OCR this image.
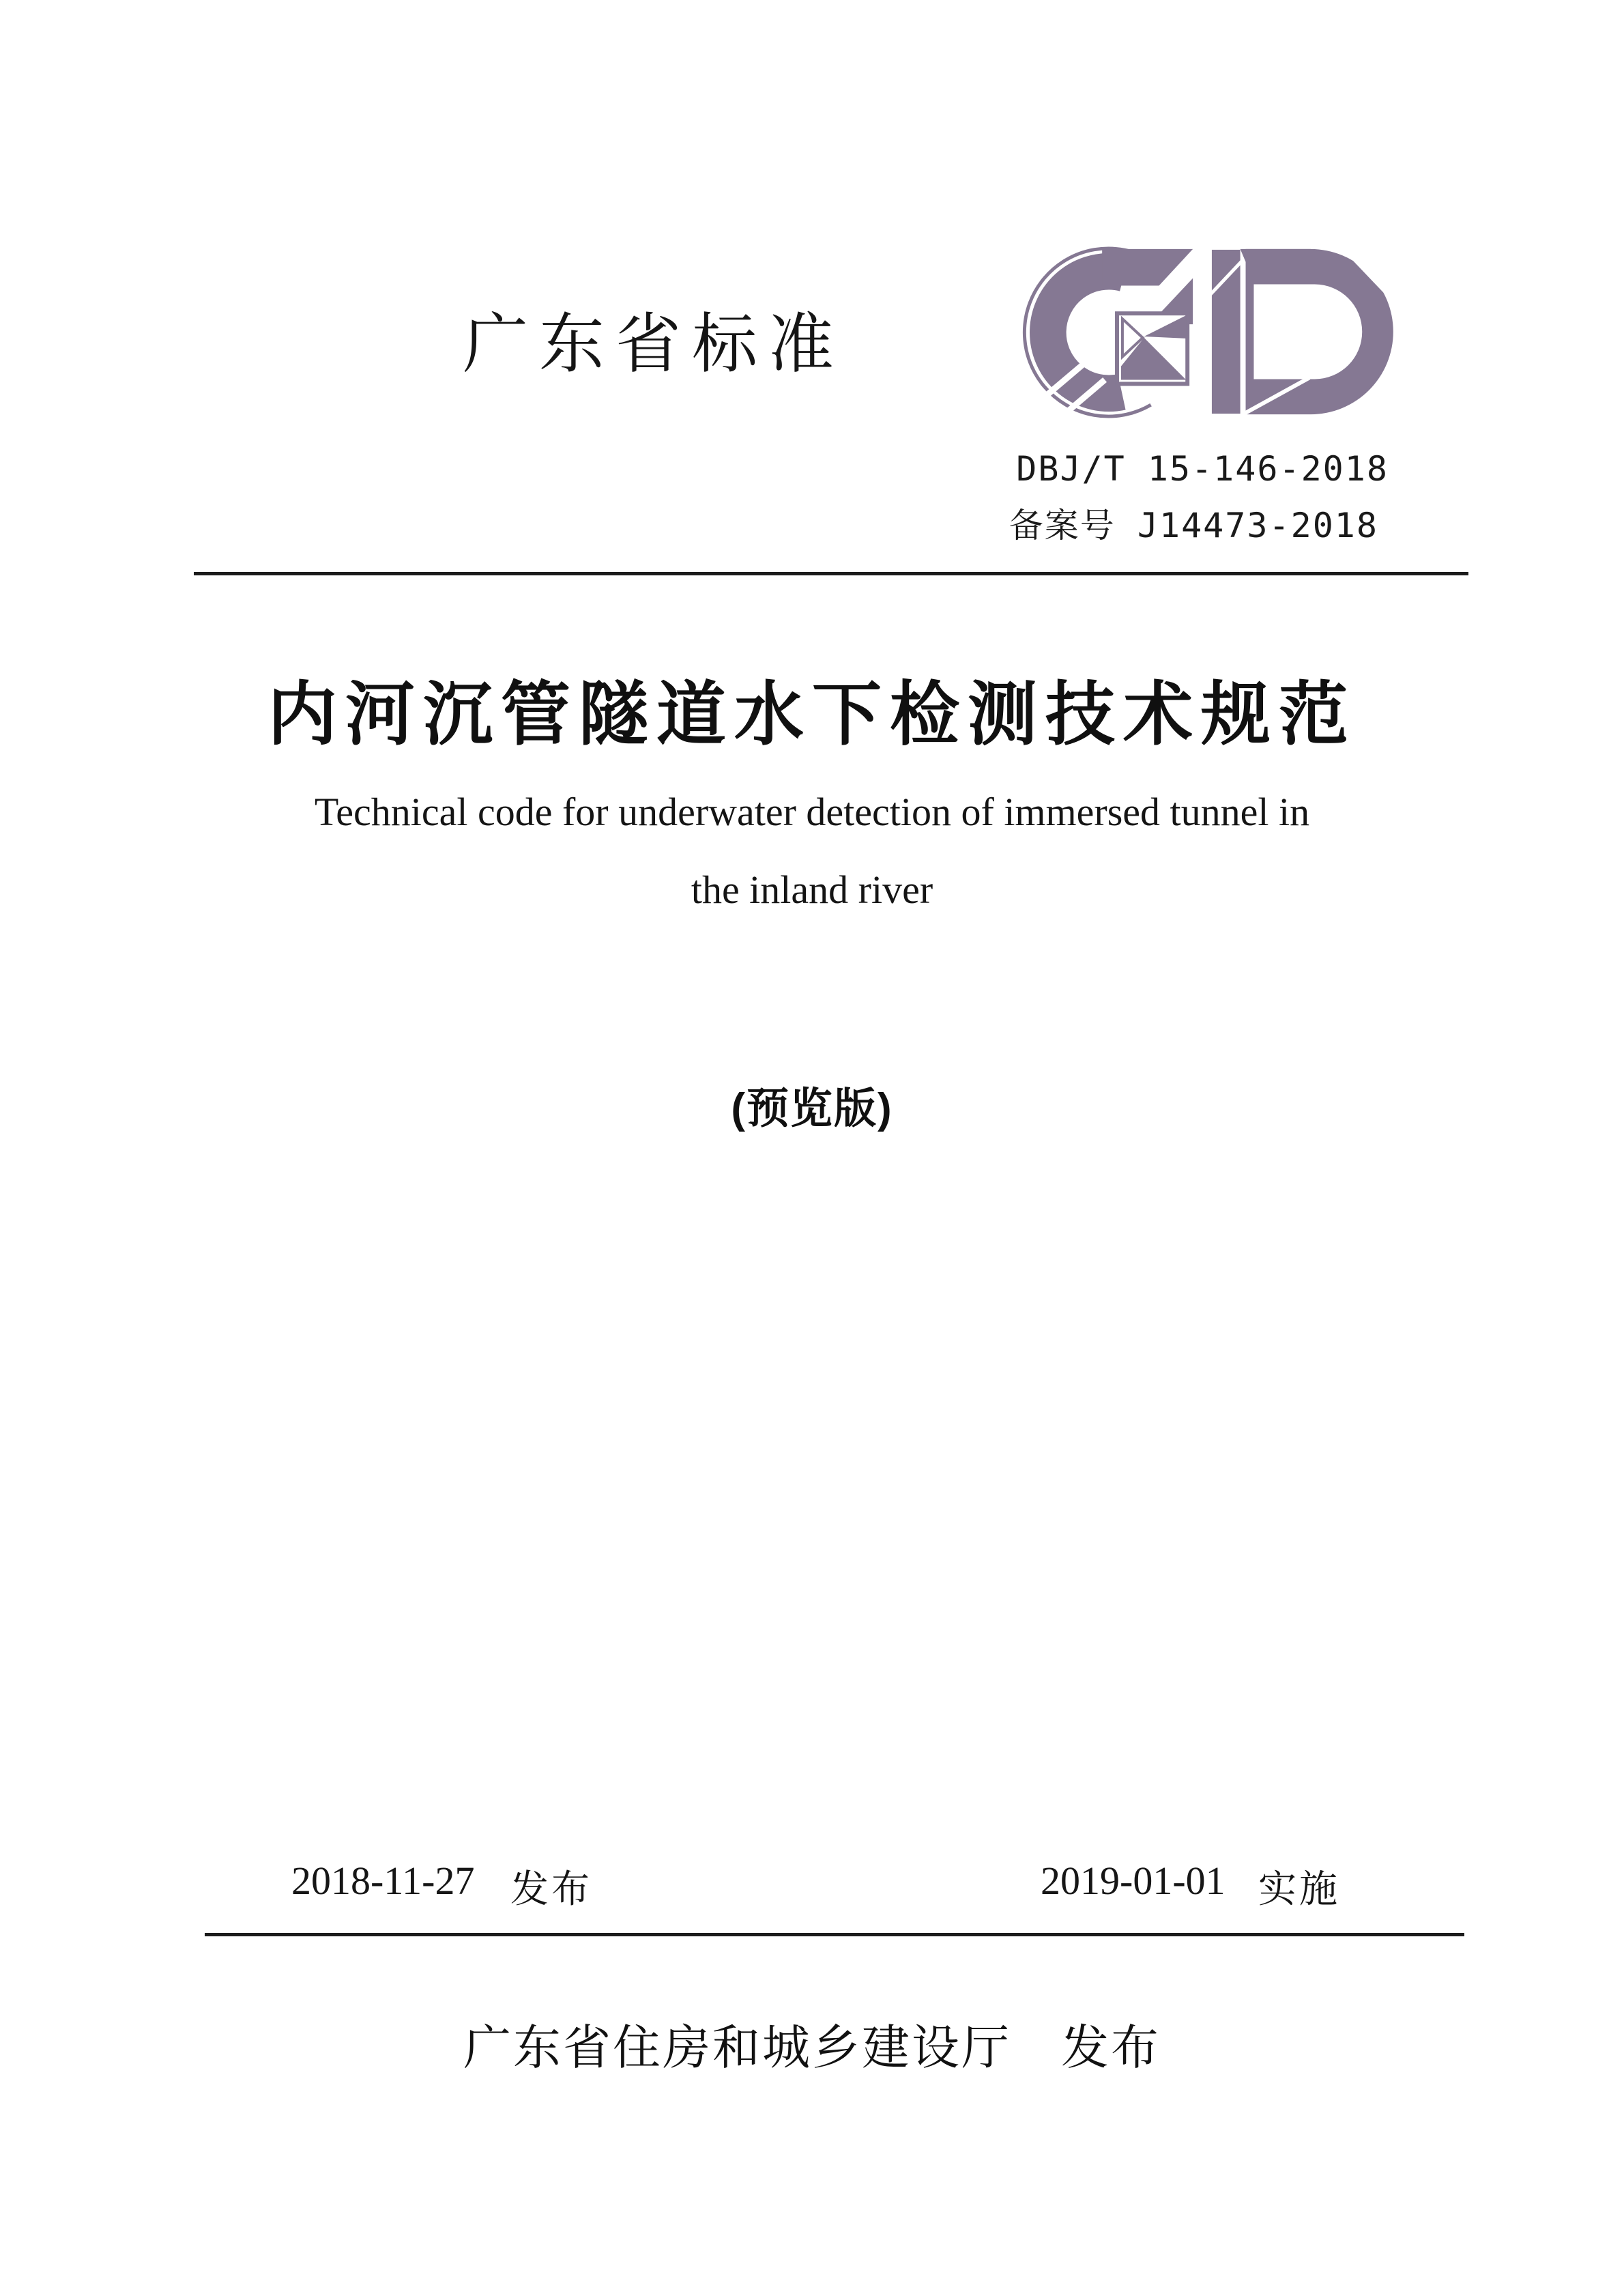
广东省标准
DBJ/T 15-146-2018
备案号 J14473-2018
内河沉管隧道水下检测技术规范
Technical code for underwater detection of immersed tunnel in
the inland river
(预览版)
2018-11-27 发布	2019-01-01 实施
广东省住房和城乡建设厅　发布
